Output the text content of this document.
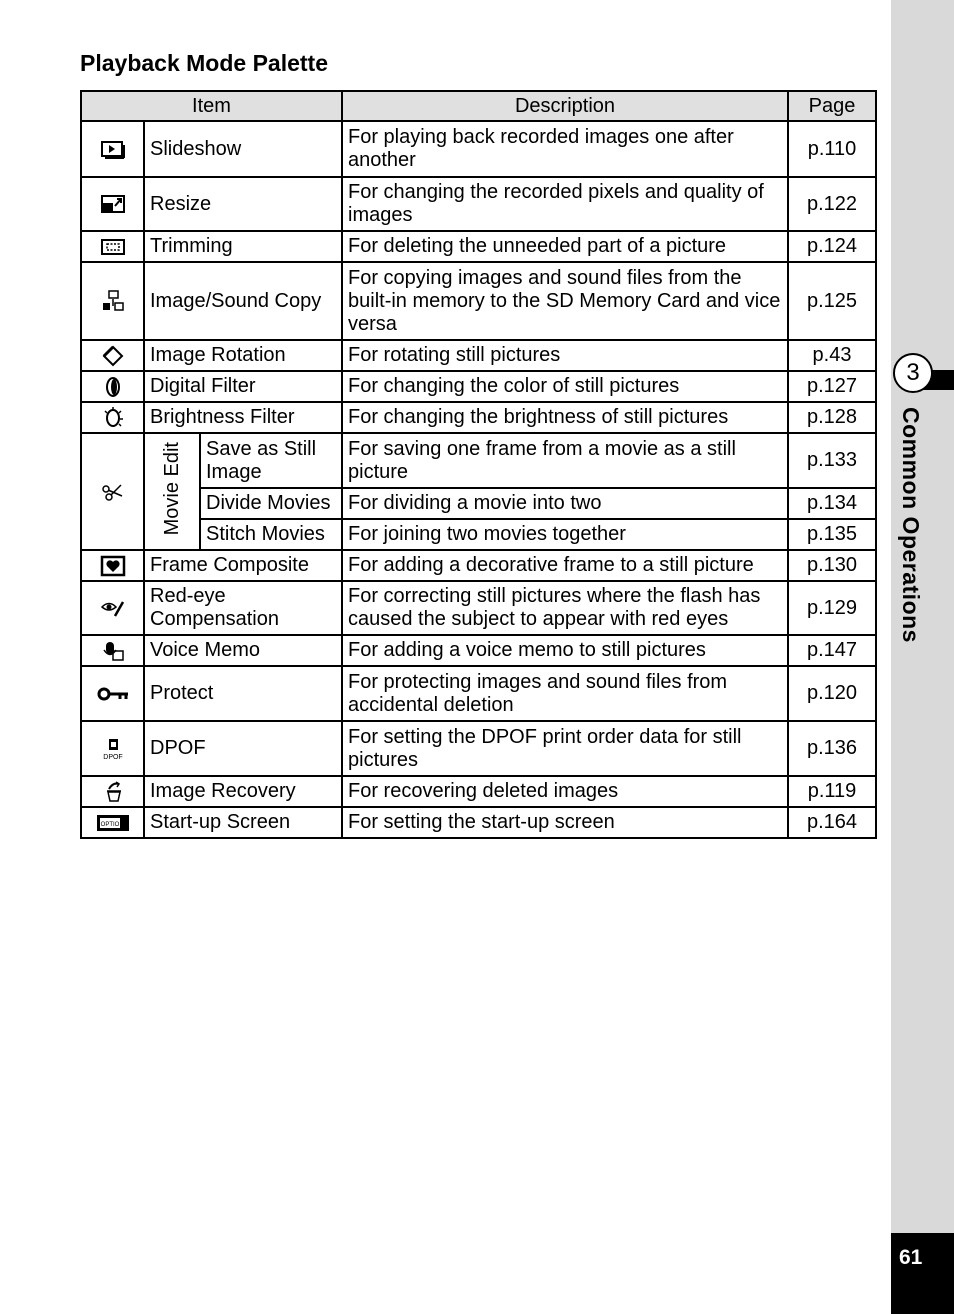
3
Common Operations
61
Playback Mode Palette
Item			Description	Page
	Slideshow		For playing back recorded images one after another	p.110
	Resize		For changing the recorded pixels and quality of images	p.122
	Trimming		For deleting the unneeded part of a picture	p.124
	Image/Sound Copy		For copying images and sound files from the built-in memory to the SD Memory Card and vice versa	p.125
	Image Rotation		For rotating still pictures	p.43
	Digital Filter		For changing the color of still pictures	p.127
	Brightness Filter		For changing the brightness of still pictures	p.128
	Movie Edit	Save as Still Image	For saving one frame from a movie as a still picture	p.133
		Divide Movies	For dividing a movie into two	p.134
		Stitch Movies	For joining two movies together	p.135
	Frame Composite		For adding a decorative frame to a still picture	p.130
	Red-eye Compensation		For correcting still pictures where the flash has caused the subject to appear with red eyes	p.129
	Voice Memo		For adding a voice memo to still pictures	p.147
	Protect		For protecting images and sound files from accidental deletion	p.120

DPOF	DPOF		For setting the DPOF print order data for still pictures	p.136
	Image Recovery		For recovering deleted images	p.119

OPTIO	Start-up Screen		For setting the start-up screen	p.164
